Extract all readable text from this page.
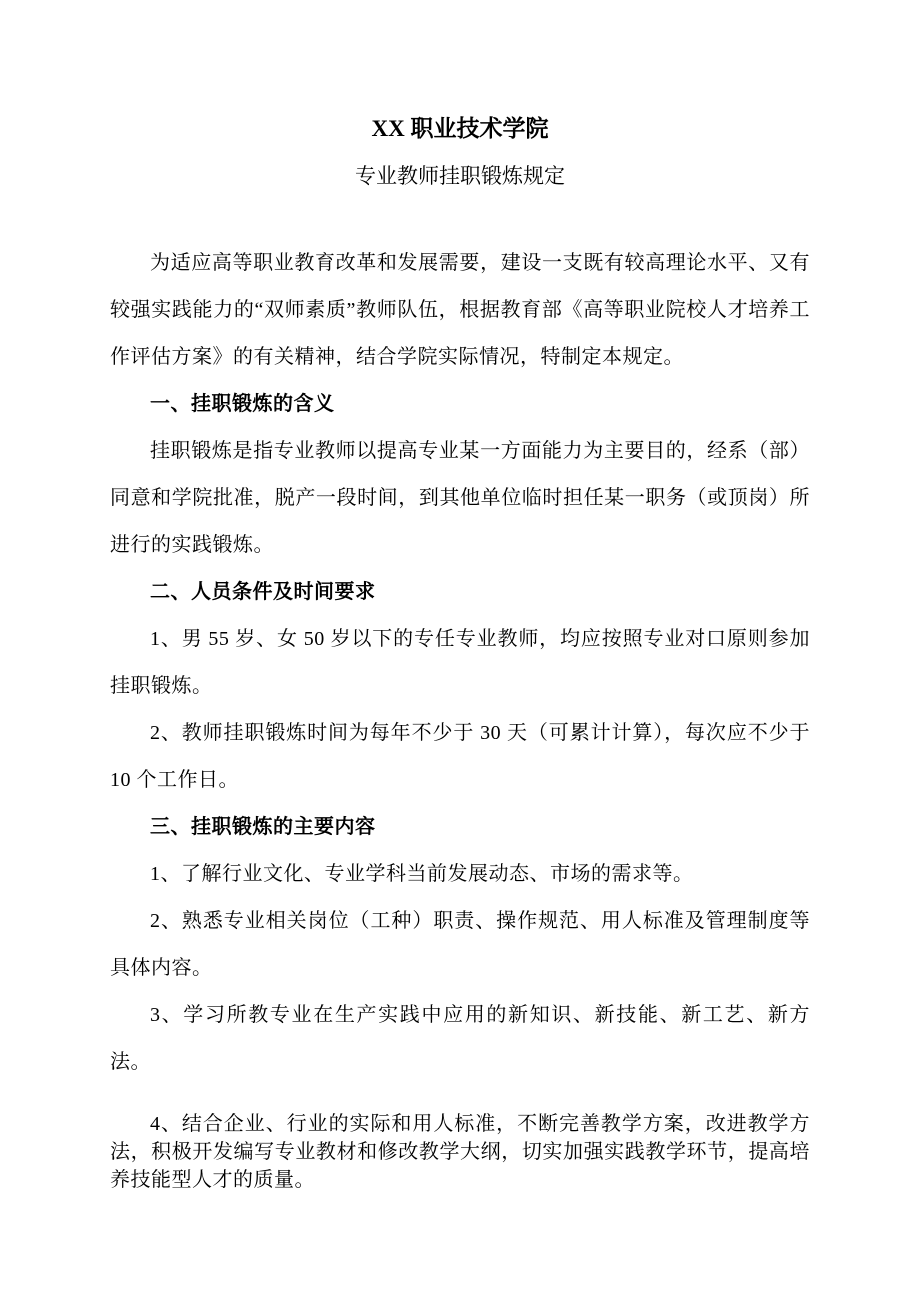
XX 职业技术学院
专业教师挂职锻炼规定

为适应高等职业教育改革和发展需要，建设一支既有较高理论水平、又有较强实践能力的“双师素质”教师队伍，根据教育部《高等职业院校人才培养工作评估方案》的有关精神，结合学院实际情况，特制定本规定。

一、挂职锻炼的含义

挂职锻炼是指专业教师以提高专业某一方面能力为主要目的，经系（部）同意和学院批准，脱产一段时间，到其他单位临时担任某一职务（或顶岗）所进行的实践锻炼。

二、人员条件及时间要求

1、男 55 岁、女 50 岁以下的专任专业教师，均应按照专业对口原则参加挂职锻炼。

2、教师挂职锻炼时间为每年不少于 30 天（可累计计算），每次应不少于 10 个工作日。

三、挂职锻炼的主要内容

1、了解行业文化、专业学科当前发展动态、市场的需求等。

2、熟悉专业相关岗位（工种）职责、操作规范、用人标准及管理制度等具体内容。

3、学习所教专业在生产实践中应用的新知识、新技能、新工艺、新方法。

4、结合企业、行业的实际和用人标准，不断完善教学方案，改进教学方法，积极开发编写专业教材和修改教学大纲，切实加强实践教学环节，提高培养技能型人才的质量。
